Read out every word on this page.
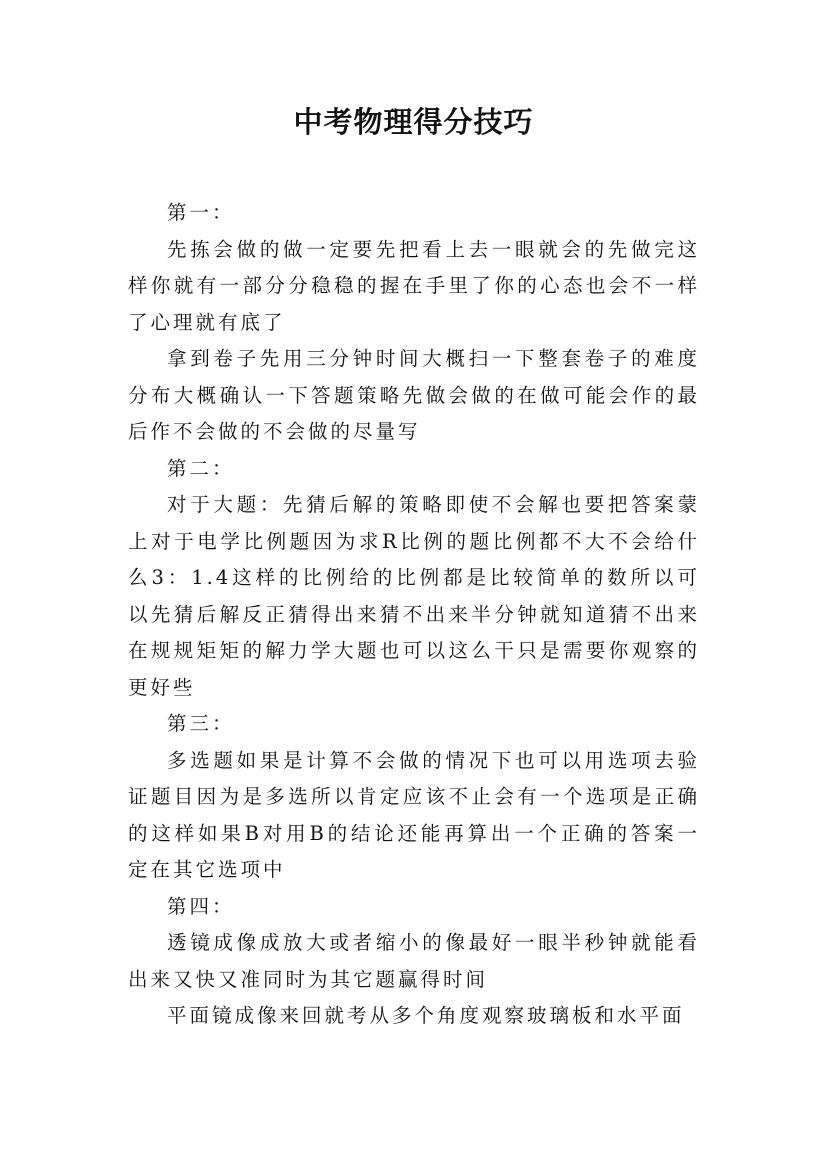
中考物理得分技巧

第一：

先拣会做的做一定要先把看上去一眼就会的先做完这样你就有一部分分稳稳的握在手里了你的心态也会不一样了心理就有底了

拿到卷子先用三分钟时间大概扫一下整套卷子的难度分布大概确认一下答题策略先做会做的在做可能会作的最后作不会做的不会做的尽量写

第二：

对于大题：先猜后解的策略即使不会解也要把答案蒙上对于电学比例题因为求R比例的题比例都不大不会给什么3：1.4这样的比例给的比例都是比较简单的数所以可以先猜后解反正猜得出来猜不出来半分钟就知道猜不出来在规规矩矩的解力学大题也可以这么干只是需要你观察的更好些

第三：

多选题如果是计算不会做的情况下也可以用选项去验证题目因为是多选所以肯定应该不止会有一个选项是正确的这样如果B对用B的结论还能再算出一个正确的答案一定在其它选项中

第四：

透镜成像成放大或者缩小的像最好一眼半秒钟就能看出来又快又准同时为其它题赢得时间

平面镜成像来回就考从多个角度观察玻璃板和水平面
